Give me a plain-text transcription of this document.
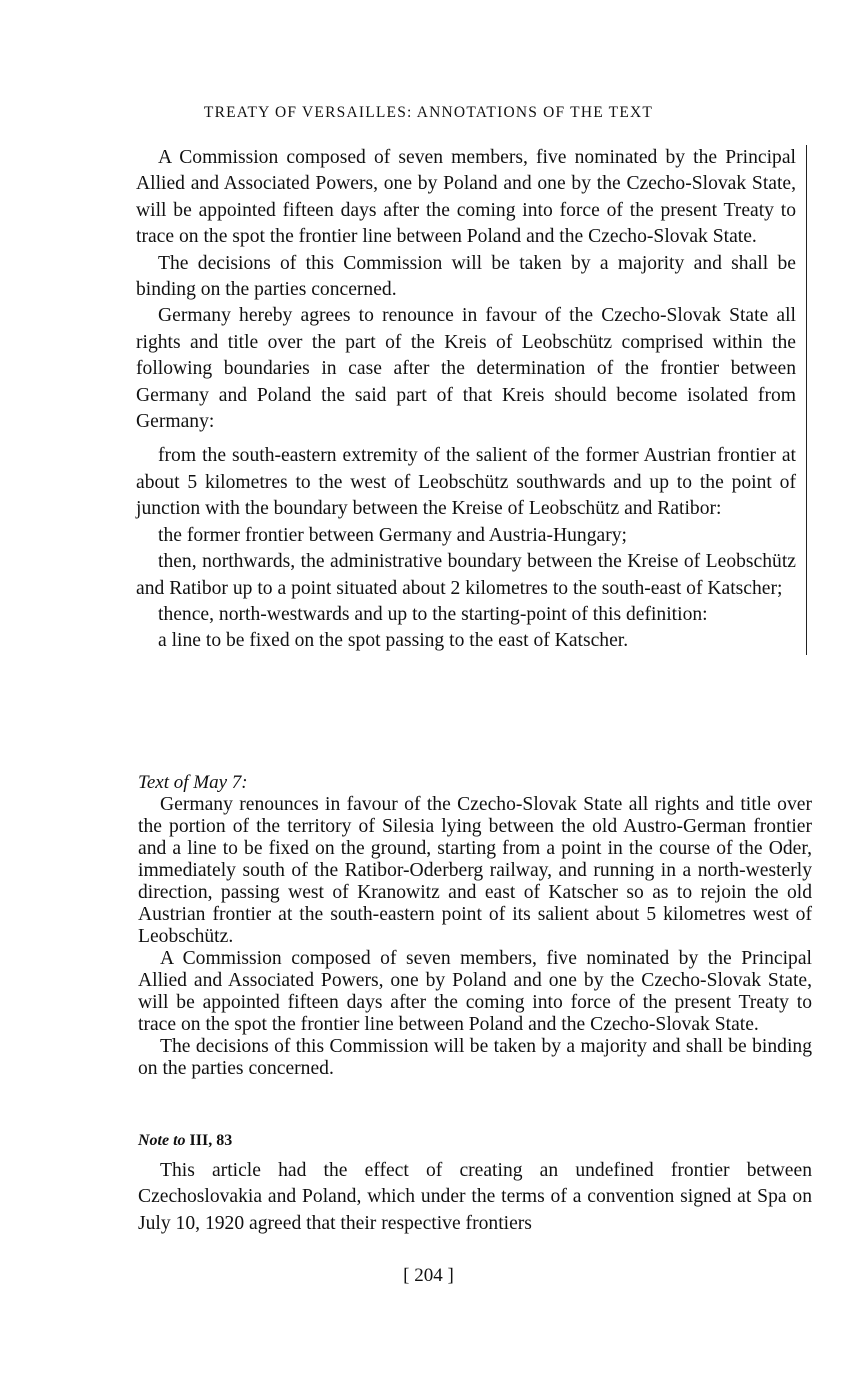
TREATY OF VERSAILLES: ANNOTATIONS OF THE TEXT

A Commission composed of seven members, five nominated by the Principal Allied and Associated Powers, one by Poland and one by the Czecho-Slovak State, will be appointed fifteen days after the coming into force of the present Treaty to trace on the spot the frontier line between Poland and the Czecho-Slovak State.

The decisions of this Commission will be taken by a majority and shall be binding on the parties concerned.

Germany hereby agrees to renounce in favour of the Czecho-Slovak State all rights and title over the part of the Kreis of Leobschütz comprised within the following boundaries in case after the determination of the frontier between Germany and Poland the said part of that Kreis should become isolated from Germany:

from the south-eastern extremity of the salient of the former Austrian frontier at about 5 kilometres to the west of Leobschütz southwards and up to the point of junction with the boundary between the Kreise of Leobschütz and Ratibor:

the former frontier between Germany and Austria-Hungary;

then, northwards, the administrative boundary between the Kreise of Leobschütz and Ratibor up to a point situated about 2 kilometres to the south-east of Katscher;

thence, north-westwards and up to the starting-point of this definition:

a line to be fixed on the spot passing to the east of Katscher.

Text of May 7:

Germany renounces in favour of the Czecho-Slovak State all rights and title over the portion of the territory of Silesia lying between the old Austro-German frontier and a line to be fixed on the ground, starting from a point in the course of the Oder, immediately south of the Ratibor-Oderberg railway, and running in a north-westerly direction, passing west of Kranowitz and east of Katscher so as to rejoin the old Austrian frontier at the south-eastern point of its salient about 5 kilometres west of Leobschütz.

A Commission composed of seven members, five nominated by the Principal Allied and Associated Powers, one by Poland and one by the Czecho-Slovak State, will be appointed fifteen days after the coming into force of the present Treaty to trace on the spot the frontier line between Poland and the Czecho-Slovak State.

The decisions of this Commission will be taken by a majority and shall be binding on the parties concerned.

Note to III, 83

This article had the effect of creating an undefined frontier between Czechoslovakia and Poland, which under the terms of a convention signed at Spa on July 10, 1920 agreed that their respective frontiers

[ 204 ]
